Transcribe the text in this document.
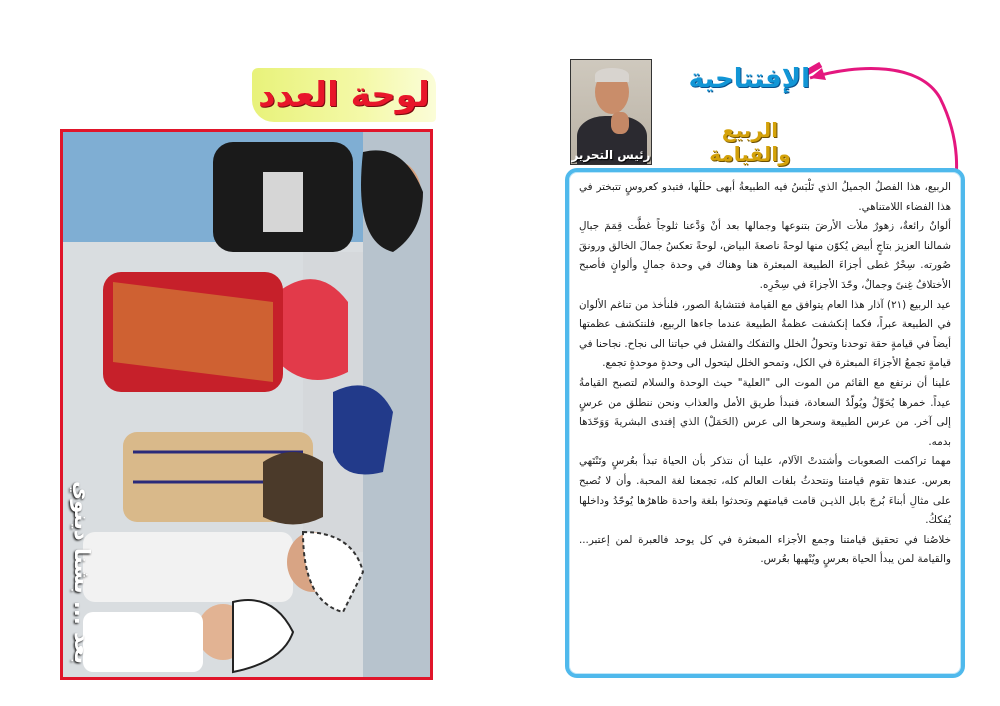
لوحة العدد
بعد ... بشنا دينوي
الإفتتاحية
الربيع والقيامة
رئيس التحرير

الربيع، هذا الفصلُ الجميلُ الذي تَلْبَسُ فيه الطبيعةُ أبهى حللَها، فتبدو كعروسٍ تتبختر في هذا الفضاء اللامتناهي.

ألوانٌ رائعةٌ، زهورٌ ملأت الأرضَ بتنوعها وجمالها بعد أنْ وَدَّعنا ثلوجاً غطَّت قِمَمَ جبالِ شمالنا العزيز بتاجٍ أبيض يُكوّن منها لوحةً ناصعةَ البياض، لوحةً تعكسُ جمالَ الخالق ورونقَ صُورته. سِحْرٌ غطى أجزاءَ الطبيعة المبعثرة هنا وهناك في وحدة جمالٍ وألوانٍ فأصبح الأختلافُ غِنىً وجمالٌ، وحّدَ الأجزاءَ في سِحْرِه.

عيد الربيع (٢١) آذار هذا العام يتوافق مع القيامة فتتشابهُ الصور، فلنأخذ من تناغم الألوان في الطبيعة عبراً، فكما إنكشفت عظمةُ الطبيعة عندما جاءها الربيع، فلنتكشف عظمتها أيضاً في قيامةٍ حقة توحدنا وتحولُ الخلل والتفكك والفشل في حياتنا الى نجاح. نجاحنا في قيامةٍ تجمعُ الأجزاءَ المبعثرة في الكل، وتمحو الخلل ليتحول الى وحدةٍ موحدةٍ تجمع.

علينا أن نرتفع مع القائم من الموت الى "العلية" حيث الوحدة والسلام لتصبح القيامةُ عيداً. خمرها يُحَوِّلُ ويُولّدُ السعادة، فنبدأ طريق الأمل والعذاب ونحن ننطلق من عرسٍ إلى آخر. من عرس الطبيعة وسحرها الى عرس (الحَمَلْ) الذي إفتدى البشريةَ وَوَحّدَها بدمه.

مهما تراكمت الصعوبات وأشتدتْ الآلام، علينا أن نتذكر بأن الحياة تبدأ بعُرسٍ وتَنْتَهي بعرس. عندها تقوم قيامتنا ونتحدثُ بلغات العالم كله، تجمعنا لغة المحبة. وأن لا نُصبح على مثالِ أبناءَ بُرجَ بابل الذيـن قامت قيامتهم وتحدثوا بلغة واحدة ظاهرُها يُوحّدُ وداخلها يُفككُ.

خلاصُنا في تحقيق قيامتنا وجمع الأجزاء المبعثرة في كل يوحد فالعبرة لمن إعتبر... والقيامة لمن يبدأ الحياة بعرسٍ ويُنْهيها بعُرس.
